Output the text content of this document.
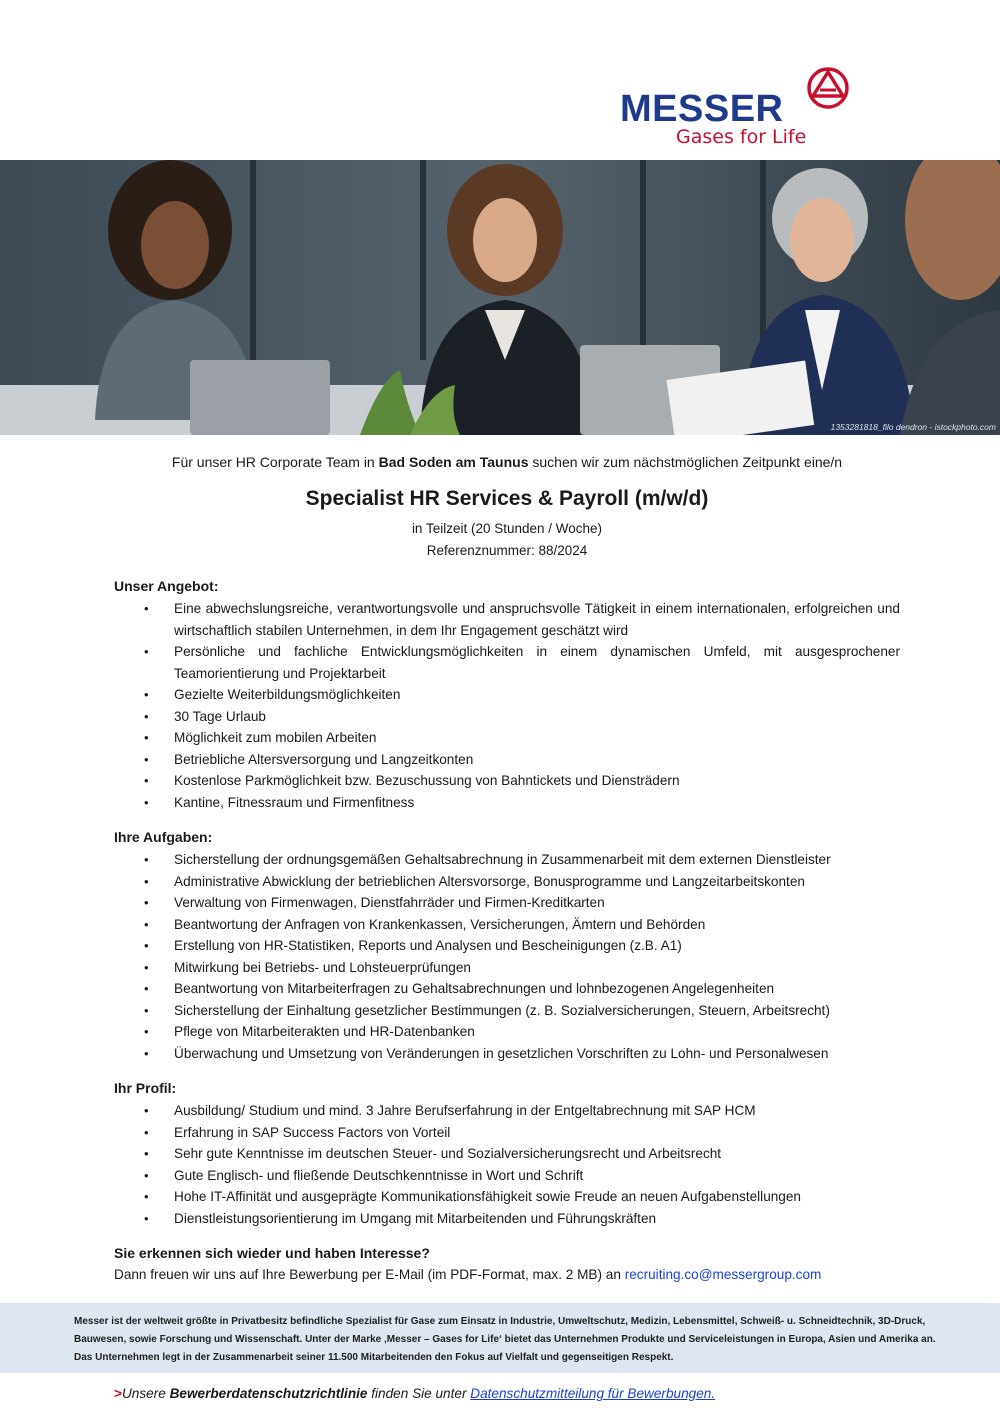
MESSER
Gases for Life
1353281818_filo dendron - istockphoto.com

Für unser HR Corporate Team in Bad Soden am Taunus suchen wir zum nächstmöglichen Zeitpunkt eine/n

Specialist HR Services & Payroll (m/w/d)

in Teilzeit (20 Stunden / Woche)

Referenznummer: 88/2024

Unser Angebot:
• Eine abwechslungsreiche, verantwortungsvolle und anspruchsvolle Tätigkeit in einem internationalen, erfolgreichen und wirtschaftlich stabilen Unternehmen, in dem Ihr Engagement geschätzt wird
• Persönliche und fachliche Entwicklungsmöglichkeiten in einem dynamischen Umfeld, mit ausgesprochener Teamorientierung und Projektarbeit
• Gezielte Weiterbildungsmöglichkeiten
• 30 Tage Urlaub
• Möglichkeit zum mobilen Arbeiten
• Betriebliche Altersversorgung und Langzeitkonten
• Kostenlose Parkmöglichkeit bzw. Bezuschussung von Bahntickets und Diensträdern
• Kantine, Fitnessraum und Firmenfitness
Ihre Aufgaben:
• Sicherstellung der ordnungsgemäßen Gehaltsabrechnung in Zusammenarbeit mit dem externen Dienstleister
• Administrative Abwicklung der betrieblichen Altersvorsorge, Bonusprogramme und Langzeitarbeitskonten
• Verwaltung von Firmenwagen, Dienstfahrräder und Firmen-Kreditkarten
• Beantwortung der Anfragen von Krankenkassen, Versicherungen, Ämtern und Behörden
• Erstellung von HR-Statistiken, Reports und Analysen und Bescheinigungen (z.B. A1)
• Mitwirkung bei Betriebs- und Lohsteuerprüfungen
• Beantwortung von Mitarbeiterfragen zu Gehaltsabrechnungen und lohnbezogenen Angelegenheiten
• Sicherstellung der Einhaltung gesetzlicher Bestimmungen (z. B. Sozialversicherungen, Steuern, Arbeitsrecht)
• Pflege von Mitarbeiterakten und HR-Datenbanken
• Überwachung und Umsetzung von Veränderungen in gesetzlichen Vorschriften zu Lohn- und Personalwesen
Ihr Profil:
• Ausbildung/ Studium und mind. 3 Jahre Berufserfahrung in der Entgeltabrechnung mit SAP HCM
• Erfahrung in SAP Success Factors von Vorteil
• Sehr gute Kenntnisse im deutschen Steuer- und Sozialversicherungsrecht und Arbeitsrecht
• Gute Englisch- und fließende Deutschkenntnisse in Wort und Schrift
• Hohe IT-Affinität und ausgeprägte Kommunikationsfähigkeit sowie Freude an neuen Aufgabenstellungen
• Dienstleistungsorientierung im Umgang mit Mitarbeitenden und Führungskräften
Sie erkennen sich wieder und haben Interesse?

Dann freuen wir uns auf Ihre Bewerbung per E-Mail (im PDF-Format, max. 2 MB) an recruiting.co@messergroup.com

Messer ist der weltweit größte in Privatbesitz befindliche Spezialist für Gase zum Einsatz in Industrie, Umweltschutz, Medizin, Lebensmittel, Schweiß- u. Schneidtechnik, 3D-Druck, Bauwesen, sowie Forschung und Wissenschaft. Unter der Marke ‚Messer – Gases for Life‘ bietet das Unternehmen Produkte und Serviceleistungen in Europa, Asien und Amerika an. Das Unternehmen legt in der Zusammenarbeit seiner 11.500 Mitarbeitenden den Fokus auf Vielfalt und gegenseitigen Respekt.

>Unsere Bewerberdatenschutzrichtlinie finden Sie unter Datenschutzmitteilung für Bewerbungen.
